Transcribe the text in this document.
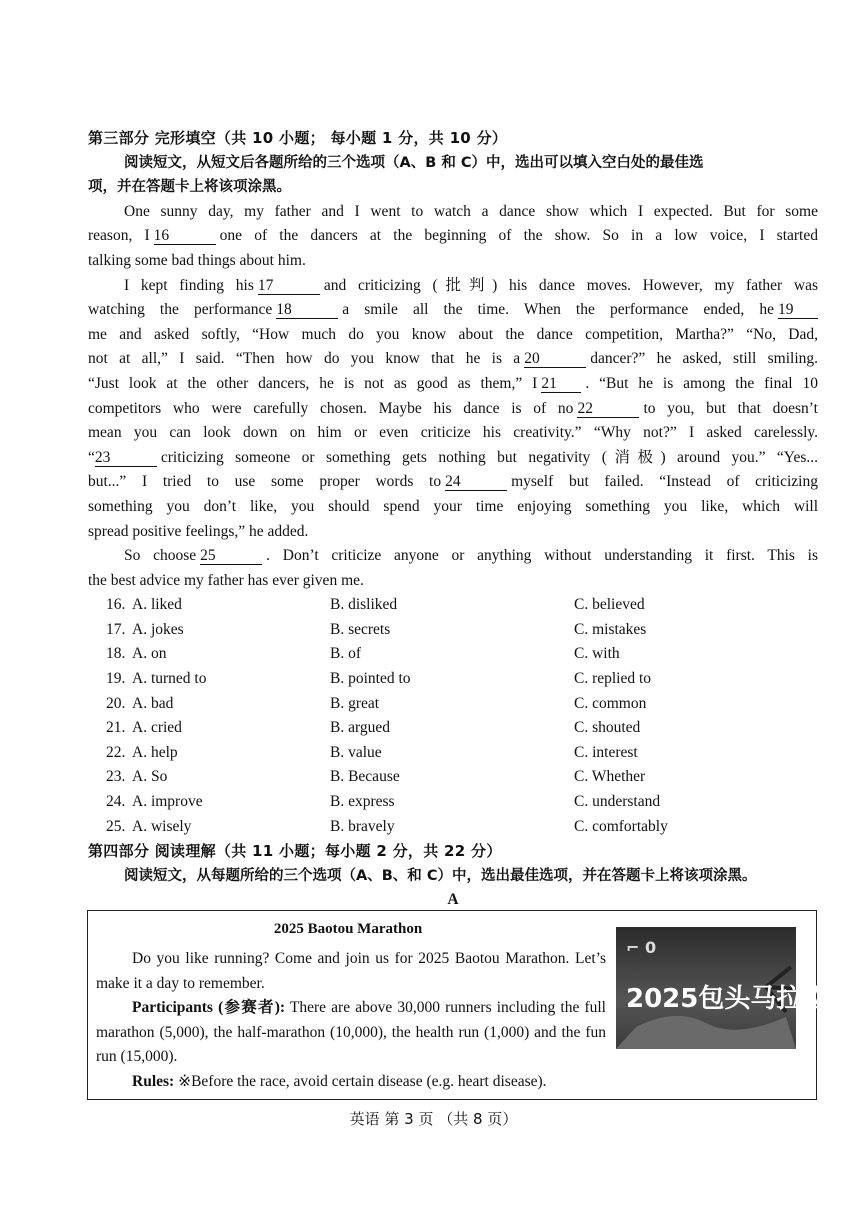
第三部分 完形填空（共 10 小题； 每小题 1 分，共 10 分）
阅读短文，从短文后各题所给的三个选项（A、B 和 C）中，选出可以填入空白处的最佳选
项，并在答题卡上将该项涂黑。
One sunny day, my father and I went to watch a dance show which I expected. But for some
reason, I 16	one of the dancers at the beginning of the show. So in a low voice, I started
talking some bad things about him.
I kept finding his 17	and criticizing (批判) his dance moves. However, my father was
watching the performance 18	a smile all the time. When the performance ended, he 19
me and asked softly, “How much do you know about the dance competition, Martha?” “No, Dad,
not at all,” I said. “Then how do you know that he is a 20	dancer?” he asked, still smiling.
“Just look at the other dancers, he is not as good as them,” I 21 . “But he is among the final 10
competitors who were carefully chosen. Maybe his dance is of no 22	to you, but that doesn’t
mean you can look down on him or even criticize his creativity.” “Why not?” I asked carelessly.
“23	criticizing someone or something gets nothing but negativity (消极) around you.” “Yes...
but...” I tried to use some proper words to 24	myself but failed. “Instead of criticizing
something you don’t like, you should spend your time enjoying something you like, which will
spread positive feelings,” he added.
So choose 25	. Don’t criticize anyone or anything without understanding it first. This is
the best advice my father has ever given me.
16. A. liked	B. disliked	C. believed
17. A. jokes	B. secrets	C. mistakes
18. A. on	B. of	C. with
19. A. turned to	B. pointed to	C. replied to
20. A. bad	B. great	C. common
21. A. cried	B. argued	C. shouted
22. A. help	B. value	C. interest
23. A. So	B. Because	C. Whether
24. A. improve	B. express	C. understand
25. A. wisely	B. bravely	C. comfortably
第四部分 阅读理解（共 11 小题；每小题 2 分，共 22 分）
阅读短文，从每题所给的三个选项（A、B、和 C）中，选出最佳选项，并在答题卡上将该项涂黑。
A
2025 Baotou Marathon

Do you like running? Come and join us for 2025 Baotou Marathon. Let’s make it a day to remember.

Participants (参赛者): There are above 30,000 runners including the full marathon (5,000), the half-marathon (10,000), the health run (1,000) and the fun run (15,000).

Rules: ※Before the race, avoid certain disease (e.g. heart disease).

⌐ 0
2025包头马拉松赛
英语 第 3 页 （共 8 页）
